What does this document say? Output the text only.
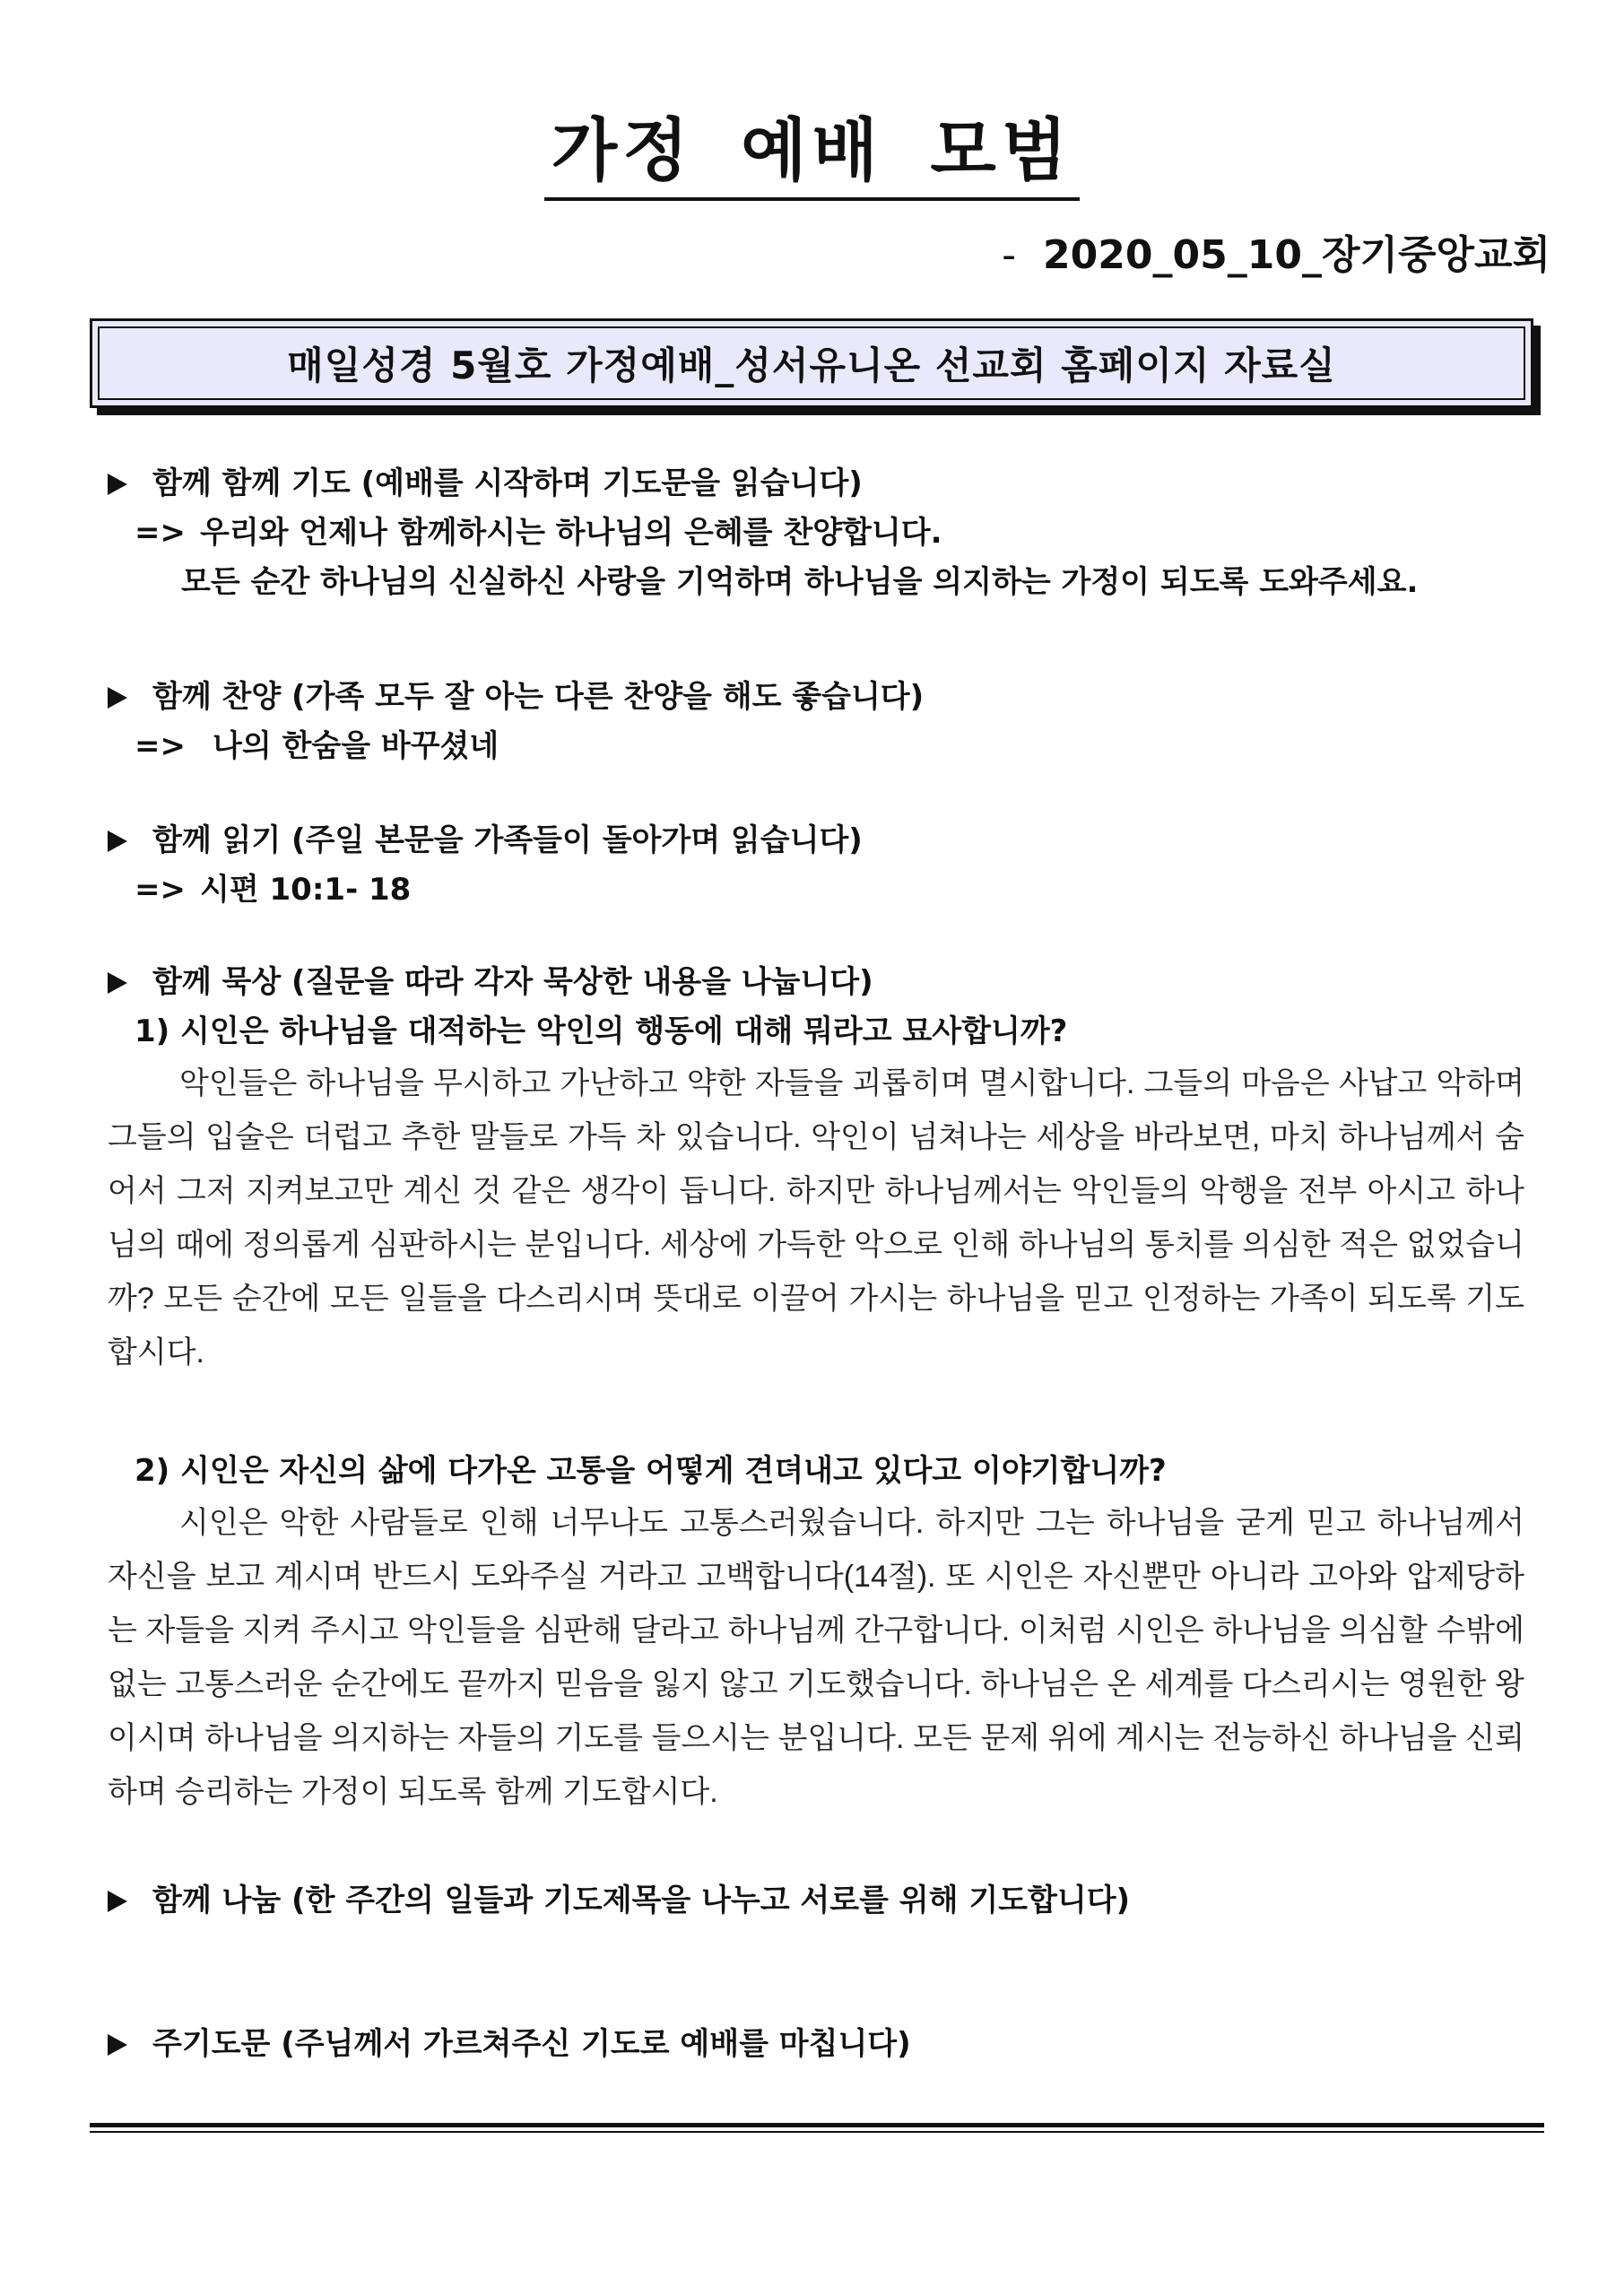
가정 예배 모범
- 2020_05_10_장기중앙교회
매일성경 5월호 가정예배_성서유니온 선교회 홈페이지 자료실
함께 함께 기도 (예배를 시작하며 기도문을 읽습니다)
=> 우리와 언제나 함께하시는 하나님의 은혜를 찬양합니다.
모든 순간 하나님의 신실하신 사랑을 기억하며 하나님을 의지하는 가정이 되도록 도와주세요.
함께 찬양 (가족 모두 잘 아는 다른 찬양을 해도 좋습니다)
=> 나의 한숨을 바꾸셨네
함께 읽기 (주일 본문을 가족들이 돌아가며 읽습니다)
=> 시편 10:1- 18
함께 묵상 (질문을 따라 각자 묵상한 내용을 나눕니다)
1) 시인은 하나님을 대적하는 악인의 행동에 대해 뭐라고 묘사합니까?
악인들은 하나님을 무시하고 가난하고 약한 자들을 괴롭히며 멸시합니다. 그들의 마음은 사납고 악하며 그들의 입술은 더럽고 추한 말들로 가득 차 있습니다. 악인이 넘쳐나는 세상을 바라보면, 마치 하나님께서 숨어서 그저 지켜보고만 계신 것 같은 생각이 듭니다. 하지만 하나님께서는 악인들의 악행을 전부 아시고 하나님의 때에 정의롭게 심판하시는 분입니다. 세상에 가득한 악으로 인해 하나님의 통치를 의심한 적은 없었습니까? 모든 순간에 모든 일들을 다스리시며 뜻대로 이끌어 가시는 하나님을 믿고 인정하는 가족이 되도록 기도합시다.
2) 시인은 자신의 삶에 다가온 고통을 어떻게 견뎌내고 있다고 이야기합니까?
시인은 악한 사람들로 인해 너무나도 고통스러웠습니다. 하지만 그는 하나님을 굳게 믿고 하나님께서 자신을 보고 계시며 반드시 도와주실 거라고 고백합니다(14절). 또 시인은 자신뿐만 아니라 고아와 압제당하는 자들을 지켜 주시고 악인들을 심판해 달라고 하나님께 간구합니다. 이처럼 시인은 하나님을 의심할 수밖에 없는 고통스러운 순간에도 끝까지 믿음을 잃지 않고 기도했습니다. 하나님은 온 세계를 다스리시는 영원한 왕이시며 하나님을 의지하는 자들의 기도를 들으시는 분입니다. 모든 문제 위에 계시는 전능하신 하나님을 신뢰하며 승리하는 가정이 되도록 함께 기도합시다.
함께 나눔 (한 주간의 일들과 기도제목을 나누고 서로를 위해 기도합니다)
주기도문 (주님께서 가르쳐주신 기도로 예배를 마칩니다)
